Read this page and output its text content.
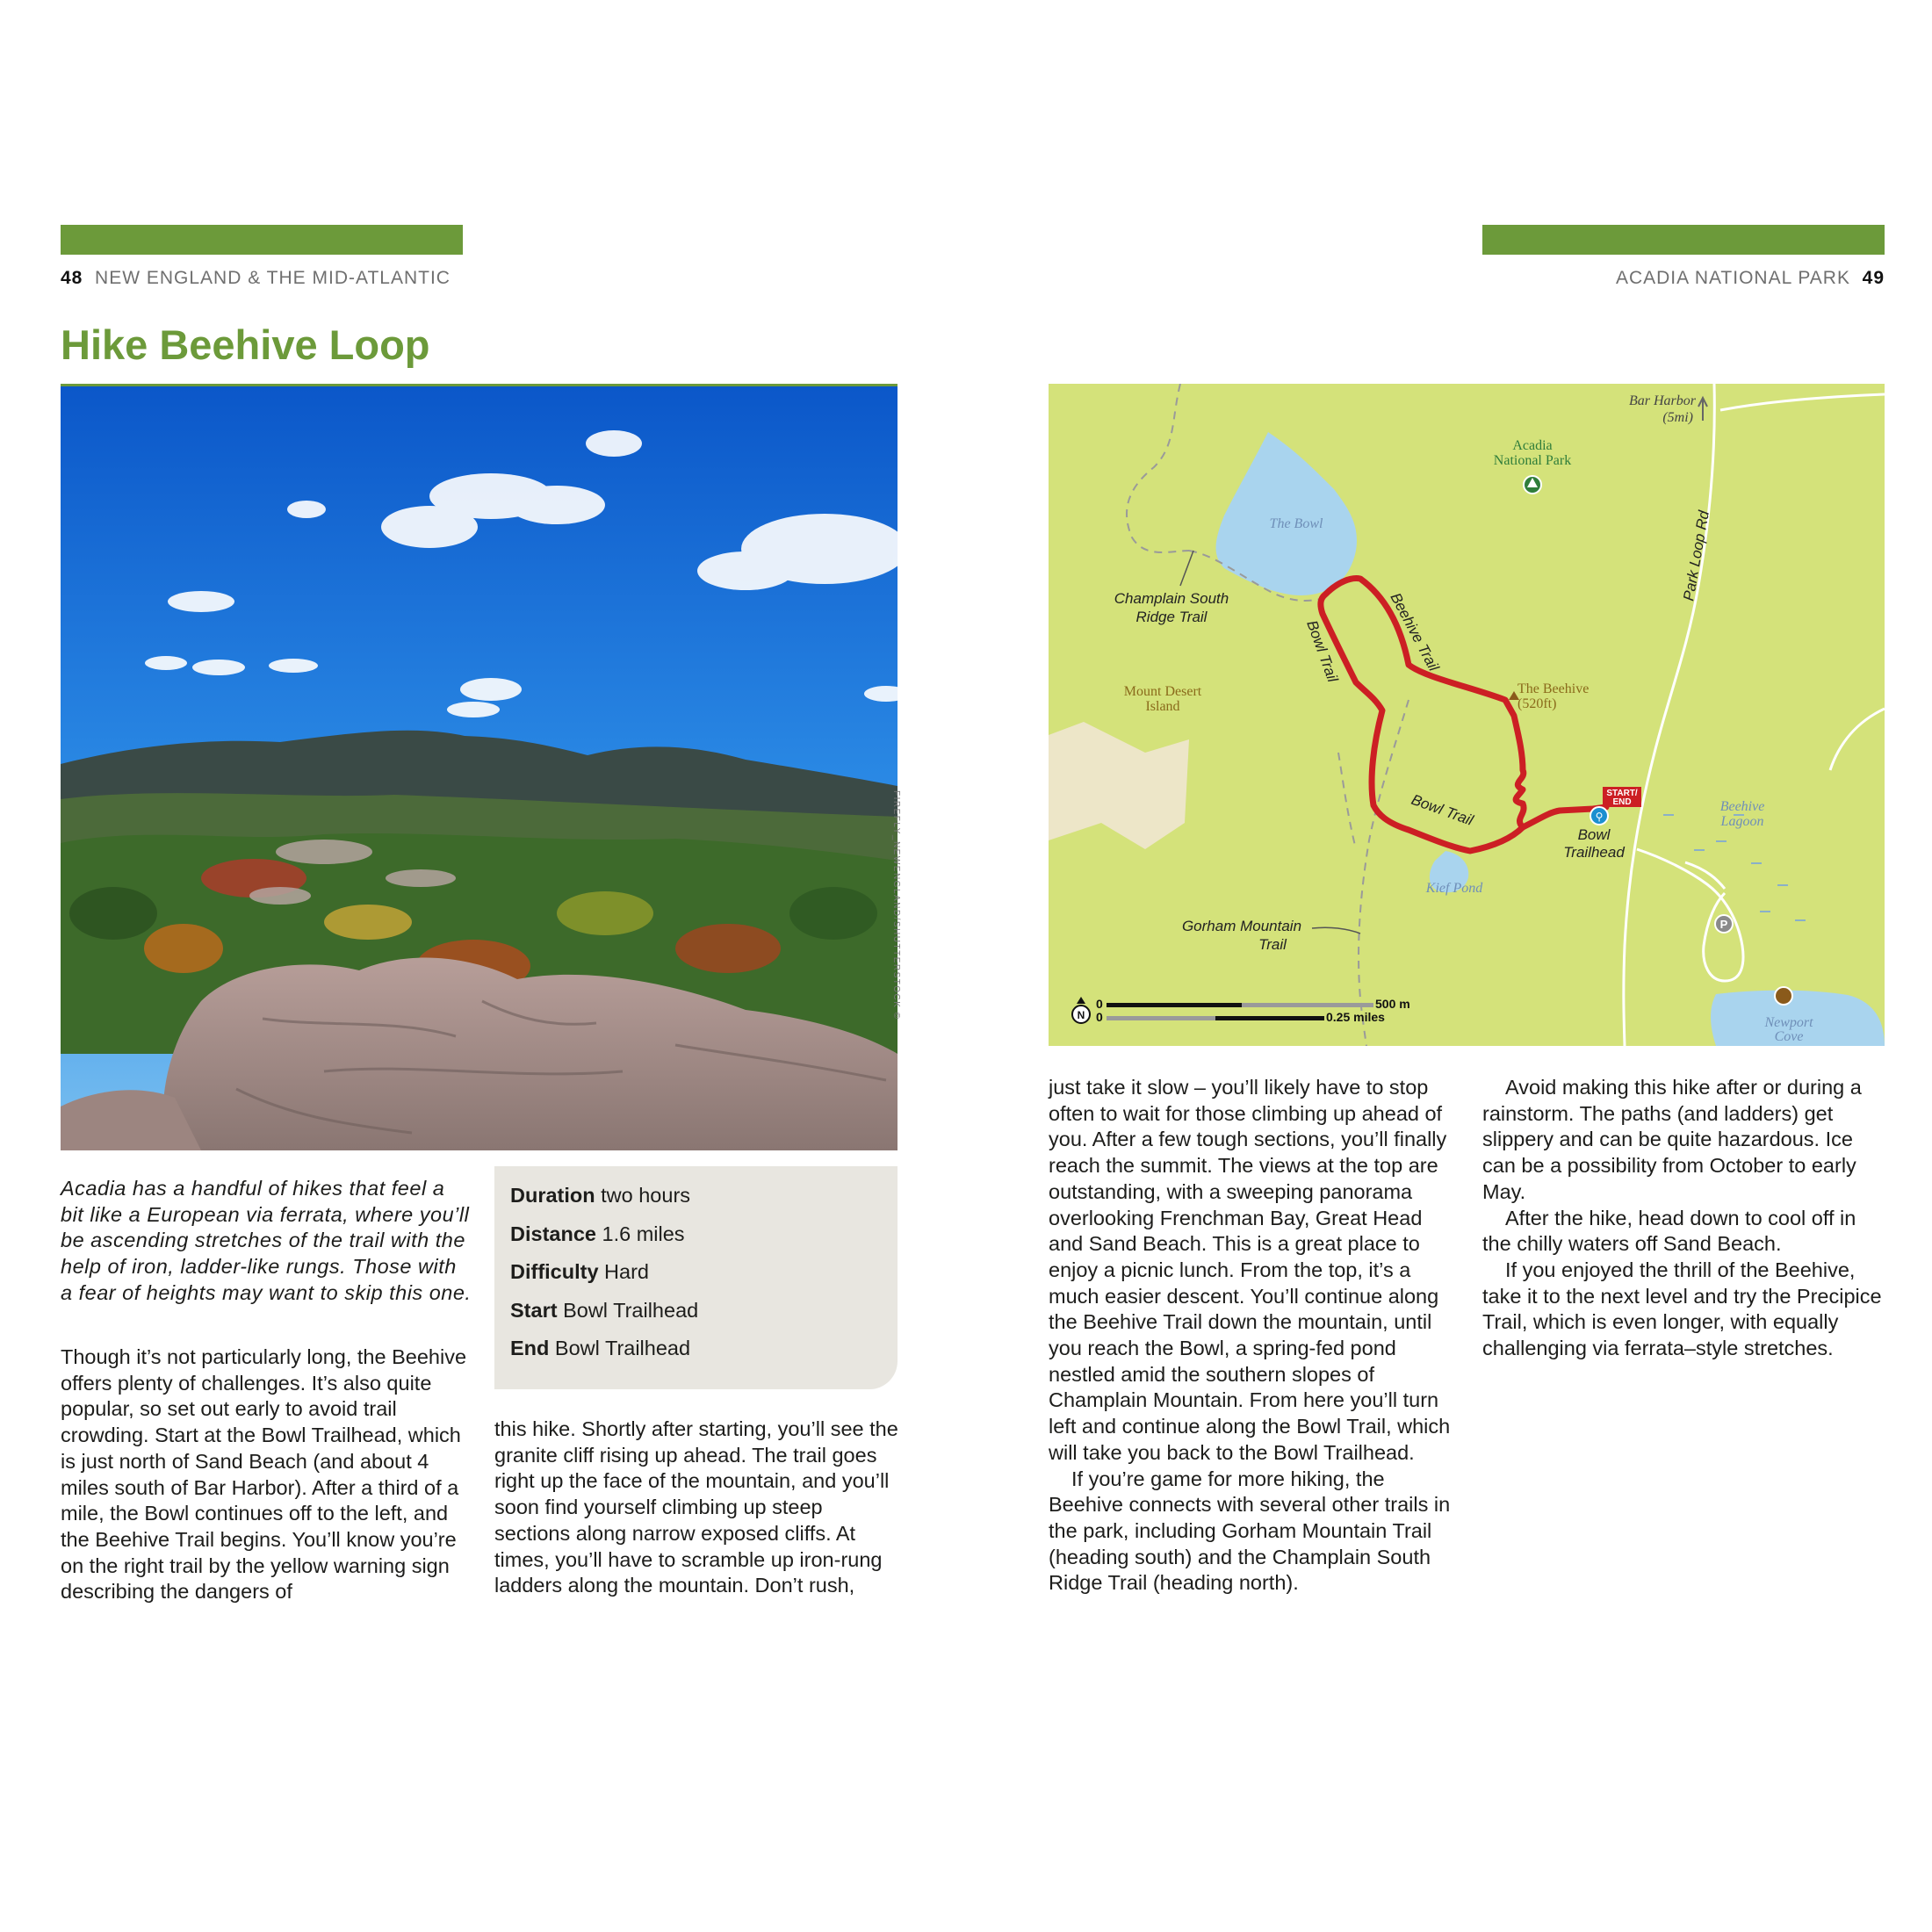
48 NEW ENGLAND & THE MID-ATLANTIC	ACADIA NATIONAL PARK 49
Hike Beehive Loop
FIREFLY_NEWENGLAND/SHUTTERSTOCK ©
Acadia has a handful of hikes that feel a bit like a European via ferrata, where you’ll be ascending stretches of the trail with the help of iron, ladder-like rungs. Those with a fear of heights may want to skip this one.
Duration two hours
Distance 1.6 miles
Difficulty Hard
Start Bowl Trailhead
End Bowl Trailhead
Though it’s not particularly long, the Beehive offers plenty of challenges. It’s also quite popular, so set out early to avoid trail crowding. Start at the Bowl Trailhead, which is just north of Sand Beach (and about 4 miles south of Bar Harbor). After a third of a mile, the Bowl continues off to the left, and the Beehive Trail begins. You’ll know you’re on the right trail by the yellow warning sign describing the dangers of
this hike. Shortly after starting, you’ll see the granite cliff rising up ahead. The trail goes right up the face of the mountain, and you’ll soon find yourself climbing up steep sections along narrow exposed cliffs. At times, you’ll have to scramble up iron-rung ladders along the mountain. Don’t rush,

just take it slow – you’ll likely have to stop often to wait for those climbing up ahead of you. After a few tough sections, you’ll finally reach the summit. The views at the top are outstanding, with a sweeping panorama overlooking Frenchman Bay, Great Head and Sand Beach. This is a great place to enjoy a picnic lunch. From the top, it’s a much easier descent. You’ll continue along the Beehive Trail down the mountain, until you reach the Bowl, a spring-fed pond nestled amid the southern slopes of Champlain Mountain. From here you’ll turn left and continue along the Bowl Trail, which will take you back to the Bowl Trailhead.

If you’re game for more hiking, the Beehive connects with several other trails in the park, including Gorham Mountain Trail (heading south) and the Champlain South Ridge Trail (heading north).

Avoid making this hike after or during a rainstorm. The paths (and ladders) get slippery and can be quite hazardous. Ice can be a possibility from October to early May.

After the hike, head down to cool off in the chilly waters off Sand Beach.

If you enjoyed the thrill of the Beehive, take it to the next level and try the Precipice Trail, which is even longer, with equally challenging via ferrata–style stretches.

START/
END
⚲
P
Bar Harbor
(5mi)
Acadia
National Park
The Bowl
Champlain South
Ridge Trail
Bowl Trail	Beehive Trail
Park Loop Rd
Mount Desert
Island
The Beehive
(520ft)
Bowl Trail
Bowl
Trailhead
Beehive
Lagoon
Kief Pond
Gorham Mountain
Trail
Newport
Cove
N
0
0
500 m
0.25 miles
